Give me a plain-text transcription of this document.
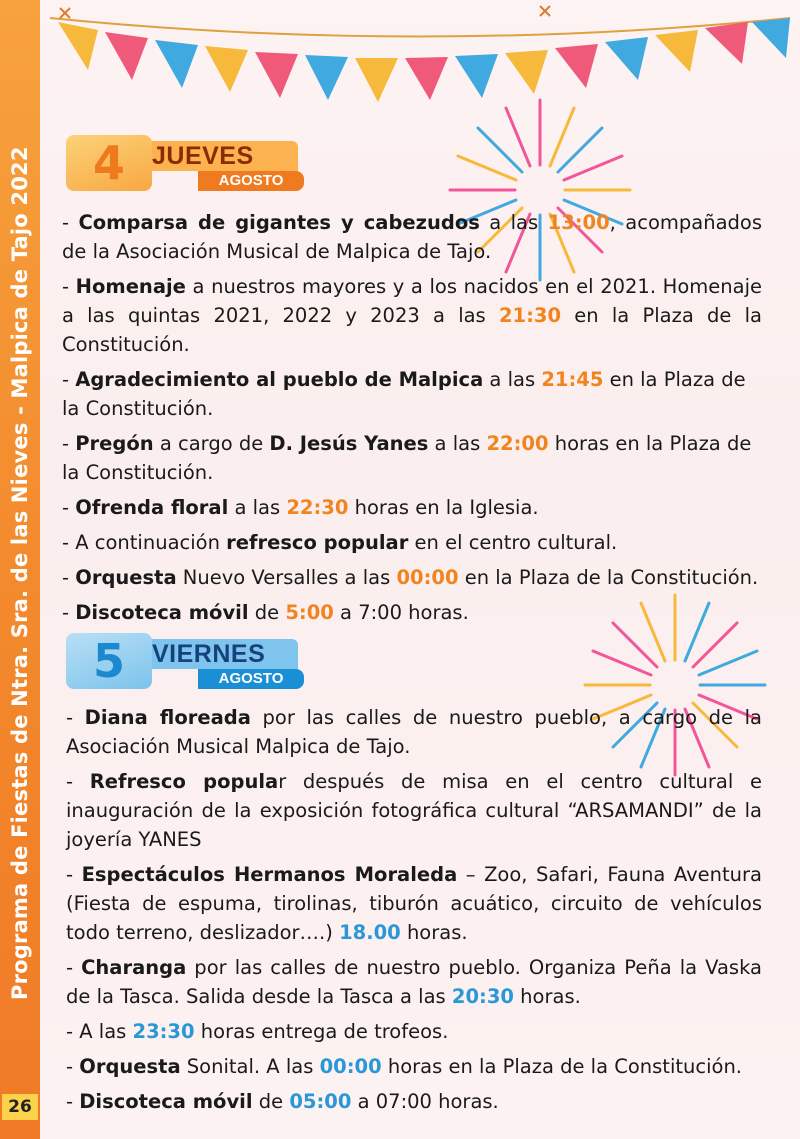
Programa de Fiestas de Ntra. Sra. de las Nieves - Malpica de Tajo 2022
26
JUEVES
AGOSTO
4
- Comparsa de gigantes y cabezudos a las 13:00, acompañados de la Asociación Musical de Malpica de Tajo.
- Homenaje a nuestros mayores y a los nacidos en el 2021. Homenaje a las quintas 2021, 2022 y 2023 a las 21:30 en la Plaza de la Constitución.
- Agradecimiento al pueblo de Malpica a las 21:45 en la Plaza de la Constitución.
- Pregón a cargo de D. Jesús Yanes a las 22:00 horas en la Plaza de la Constitución.
- Ofrenda floral a las 22:30 horas en la Iglesia.
- A continuación refresco popular en el centro cultural.
- Orquesta Nuevo Versalles a las 00:00 en la Plaza de la Constitución.
- Discoteca móvil de 5:00 a 7:00 horas.
VIERNES
AGOSTO
5
- Diana floreada por las calles de nuestro pueblo, a cargo de la Asociación Musical Malpica de Tajo.
- Refresco popular después de misa en el centro cultural e inauguración de la exposición fotográfica cultural “ARSAMANDI” de la joyería YANES
- Espectáculos Hermanos Moraleda – Zoo, Safari, Fauna Aventura (Fiesta de espuma, tirolinas, tiburón acuático, circuito de vehículos todo terreno, deslizador….) 18.00 horas.
- Charanga por las calles de nuestro pueblo. Organiza Peña la Vaska de la Tasca. Salida desde la Tasca a las 20:30 horas.
- A las 23:30 horas entrega de trofeos.
- Orquesta Sonital. A las 00:00 horas en la Plaza de la Constitución.
- Discoteca móvil de 05:00 a 07:00 horas.
